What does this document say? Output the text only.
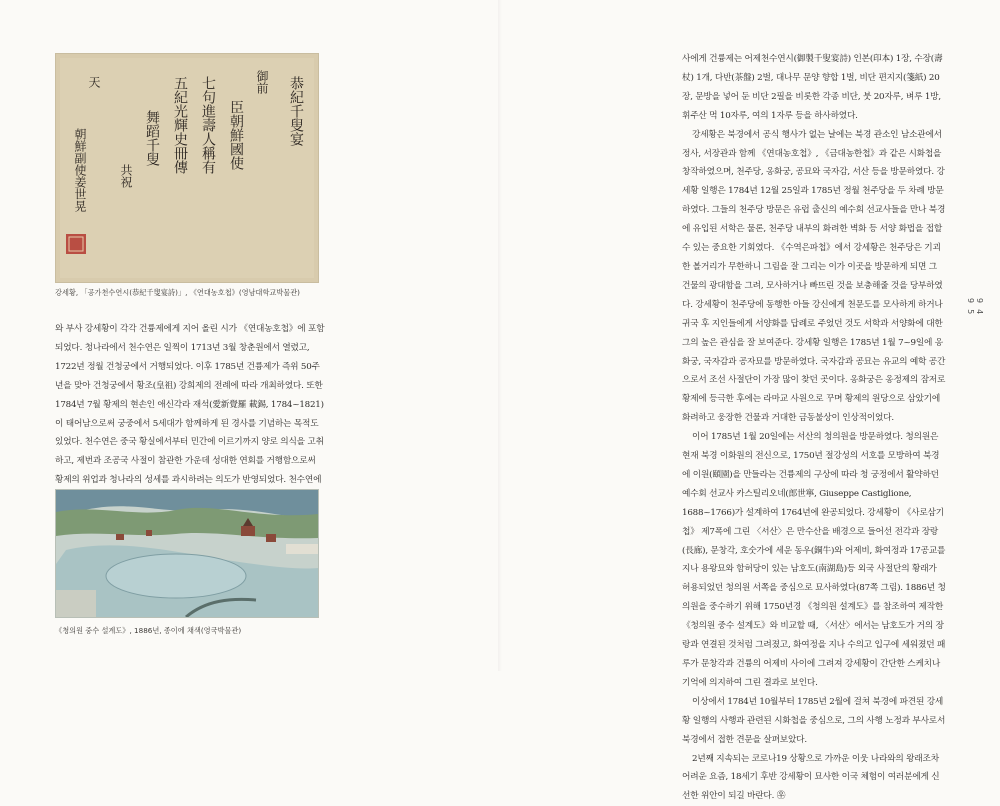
恭紀千叟宴
御前
臣朝鮮國使
七句進壽人稱有
五紀光輝史冊傳
舞蹈千叟
共祝
天
朝鮮副使姜世晃
강세황, 「공가천수연시(恭紀千叟宴詩)」, 《연대농호첩》(영남대학교박물관)

와 부사 강세황이 각각 건륭제에게 지어 올린 시가 《연대농호첩》에 포함되었다. 청나라에서 천수연은 일찍이 1713년 3월 창춘원에서 열렸고, 1722년 정월 건청궁에서 거행되었다. 이후 1785년 건륭제가 즉위 50주년을 맞아 건청궁에서 황조(皇祖) 강희제의 전례에 따라 개최하였다. 또한 1784년 7월 황제의 현손인 애신각라 재석(愛新覺羅 載錫, 1784~1821)이 태어남으로써 궁중에서 5세대가 함께하게 된 경사를 기념하는 목적도 있었다. 천수연은 중국 황실에서부터 민간에 이르기까지 양로 의식을 고취하고, 제번과 조공국 사절이 참관한 가운데 성대한 연회를 거행함으로써 황제의 위업과 청나라의 성세를 과시하려는 의도가 반영되었다. 천수연에

《청의원 중수 설계도》, 1886년, 종이에 채색(영국박물관)

사에게 건륭제는 어제천수연시(御製千叟宴詩) 인본(印本) 1장, 수장(壽杖) 1개, 다반(茶盤) 2벌, 대나무 문양 향합 1벌, 비단 편지지(箋紙) 20장, 문방을 넣어 둔 비단 2필을 비롯한 각종 비단, 붓 20자루, 벼루 1방, 휘주산 먹 10자루, 여의 1자루 등을 하사하였다.

강세황은 북경에서 공식 행사가 없는 날에는 북경 관소인 남소관에서 정사, 서장관과 함께 《연대농호첩》, 《금대농한첩》과 같은 시화첩을 창작하였으며, 천주당, 옹화궁, 공묘와 국자감, 서산 등을 방문하였다. 강세황 일행은 1784년 12월 25일과 1785년 정월 천주당을 두 차례 방문하였다. 그들의 천주당 방문은 유럽 출신의 예수회 선교사들을 만나 북경에 유입된 서학은 물론, 천주당 내부의 화려한 벽화 등 서양 화법을 접할 수 있는 중요한 기회였다. 《수역은파첩》에서 강세황은 천주당은 기괴한 볼거리가 무한하니 그림을 잘 그리는 이가 이곳을 방문하게 되면 그 건물의 광대함을 그려, 모사하거나 빠뜨린 것을 보충해줄 것을 당부하였다. 강세황이 천주당에 동행한 아들 강신에게 천문도를 모사하게 하거나 귀국 후 지인들에게 서양화를 답례로 주었던 것도 서학과 서양화에 대한 그의 높은 관심을 잘 보여준다. 강세황 일행은 1785년 1월 7~9일에 옹화궁, 국자감과 공자묘를 방문하였다. 국자감과 공묘는 유교의 예학 공간으로서 조선 사절단이 가장 많이 찾던 곳이다. 옹화궁은 옹정제의 잠저로 황제에 등극한 후에는 라마교 사원으로 꾸며 황제의 원당으로 삼았기에 화려하고 웅장한 건물과 거대한 금동불상이 인상적이었다.

이어 1785년 1월 20일에는 서산의 청의원을 방문하였다. 청의원은 현재 북경 이화원의 전신으로, 1750년 절강성의 서호를 모방하여 북경에 이원(頤園)을 만들라는 건륭제의 구상에 따라 청 궁정에서 활약하던 예수회 선교사 카스틸리오네(郎世寧, Giuseppe Castiglione, 1688~1766)가 설계하여 1764년에 완공되었다. 강세황이 《사로삼기첩》 제7폭에 그린 〈서산〉은 만수산을 배경으로 들어선 전각과 장랑(長廊), 문창각, 호숫가에 세운 동우(銅牛)와 어제비, 화여정과 17공교를 지나 용왕묘와 함허당이 있는 남호도(南湖島)등 외국 사절단의 황래가 허용되었던 청의원 서쪽을 중심으로 묘사하였다(87쪽 그림). 1886년 청의원을 중수하기 위해 1750년경 《청의원 설계도》를 참조하여 제작한 《청의원 중수 설계도》와 비교할 때, 〈서산〉에서는 남호도가 거의 장랑과 연결된 것처럼 그려졌고, 화여정을 지나 수의고 입구에 세워졌던 패루가 문창각과 건륭의 어제비 사이에 그려져 강세황이 간단한 스케치나 기억에 의지하여 그린 결과로 보인다.

이상에서 1784년 10월부터 1785년 2월에 걸쳐 북경에 파견된 강세황 일행의 사행과 관련된 시화첩을 중심으로, 그의 사행 노정과 부사로서 북경에서 접한 견문을 살펴보았다.

2년째 지속되는 코로나19 상황으로 가까운 이웃 나라와의 왕래조차 어려운 요즘, 18세기 후반 강세황이 묘사한 이국 체험이 여러분에게 신선한 위안이 되길 바란다. ㉾

94
95
